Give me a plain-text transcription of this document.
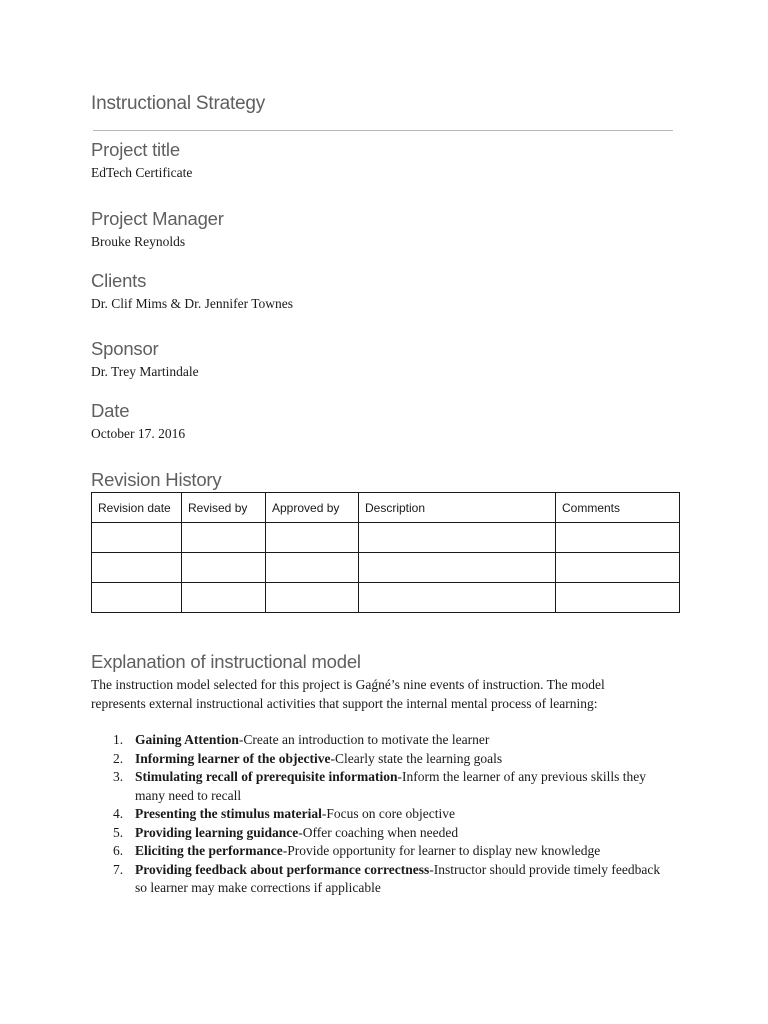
Instructional Strategy
Project title

EdTech Certificate

Project Manager

Brouke Reynolds

Clients

Dr. Clif Mims & Dr. Jennifer Townes

Sponsor

Dr. Trey Martindale

Date

October 17. 2016

Revision History
Revision date	Revised by	Approved by	Description	Comments

Explanation of instructional model

The instruction model selected for this project is Gaǵné’s nine events of instruction. The model represents external instructional activities that support the internal mental process of learning:

1. Gaining Attention-Create an introduction to motivate the learner
2. Informing learner of the objective-Clearly state the learning goals
3. Stimulating recall of prerequisite information-Inform the learner of any previous skills they many need to recall
4. Presenting the stimulus material-Focus on core objective
5. Providing learning guidance-Offer coaching when needed
6. Eliciting the performance-Provide opportunity for learner to display new knowledge
7. Providing feedback about performance correctness-Instructor should provide timely feedback so learner may make corrections if applicable
